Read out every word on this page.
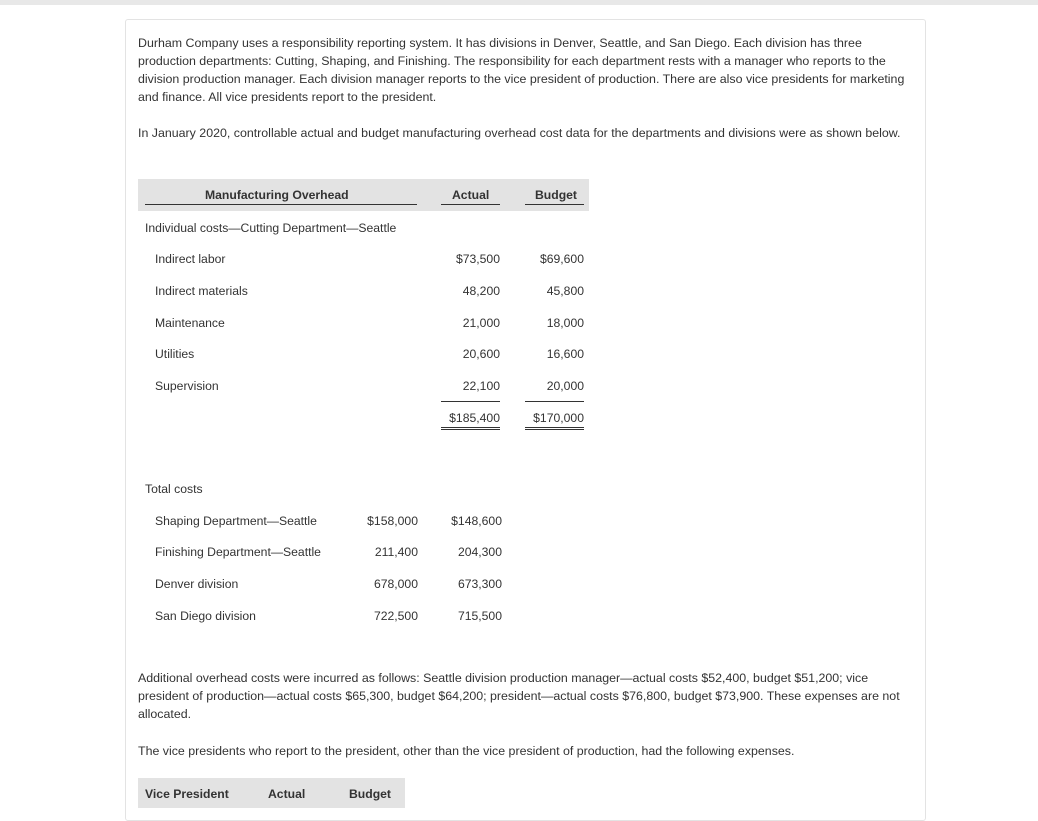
Durham Company uses a responsibility reporting system. It has divisions in Denver, Seattle, and San Diego. Each division has three production departments: Cutting, Shaping, and Finishing. The responsibility for each department rests with a manager who reports to the division production manager. Each division manager reports to the vice president of production. There are also vice presidents for marketing and finance. All vice presidents report to the president.
In January 2020, controllable actual and budget manufacturing overhead cost data for the departments and divisions were as shown below.
Manufacturing Overhead	Actual	Budget
Individual costs—Cutting Department—Seattle
Indirect labor	$73,500	$69,600
Indirect materials	48,200	45,800
Maintenance	21,000	18,000
Utilities	20,600	16,600
Supervision	22,100	20,000
$185,400	$170,000
Total costs
Shaping Department—Seattle	$158,000	$148,600
Finishing Department—Seattle	211,400	204,300
Denver division	678,000	673,300
San Diego division	722,500	715,500
Additional overhead costs were incurred as follows: Seattle division production manager—actual costs $52,400, budget $51,200; vice president of production—actual costs $65,300, budget $64,200; president—actual costs $76,800, budget $73,900. These expenses are not allocated.
The vice presidents who report to the president, other than the vice president of production, had the following expenses.
Vice President	Actual	Budget
